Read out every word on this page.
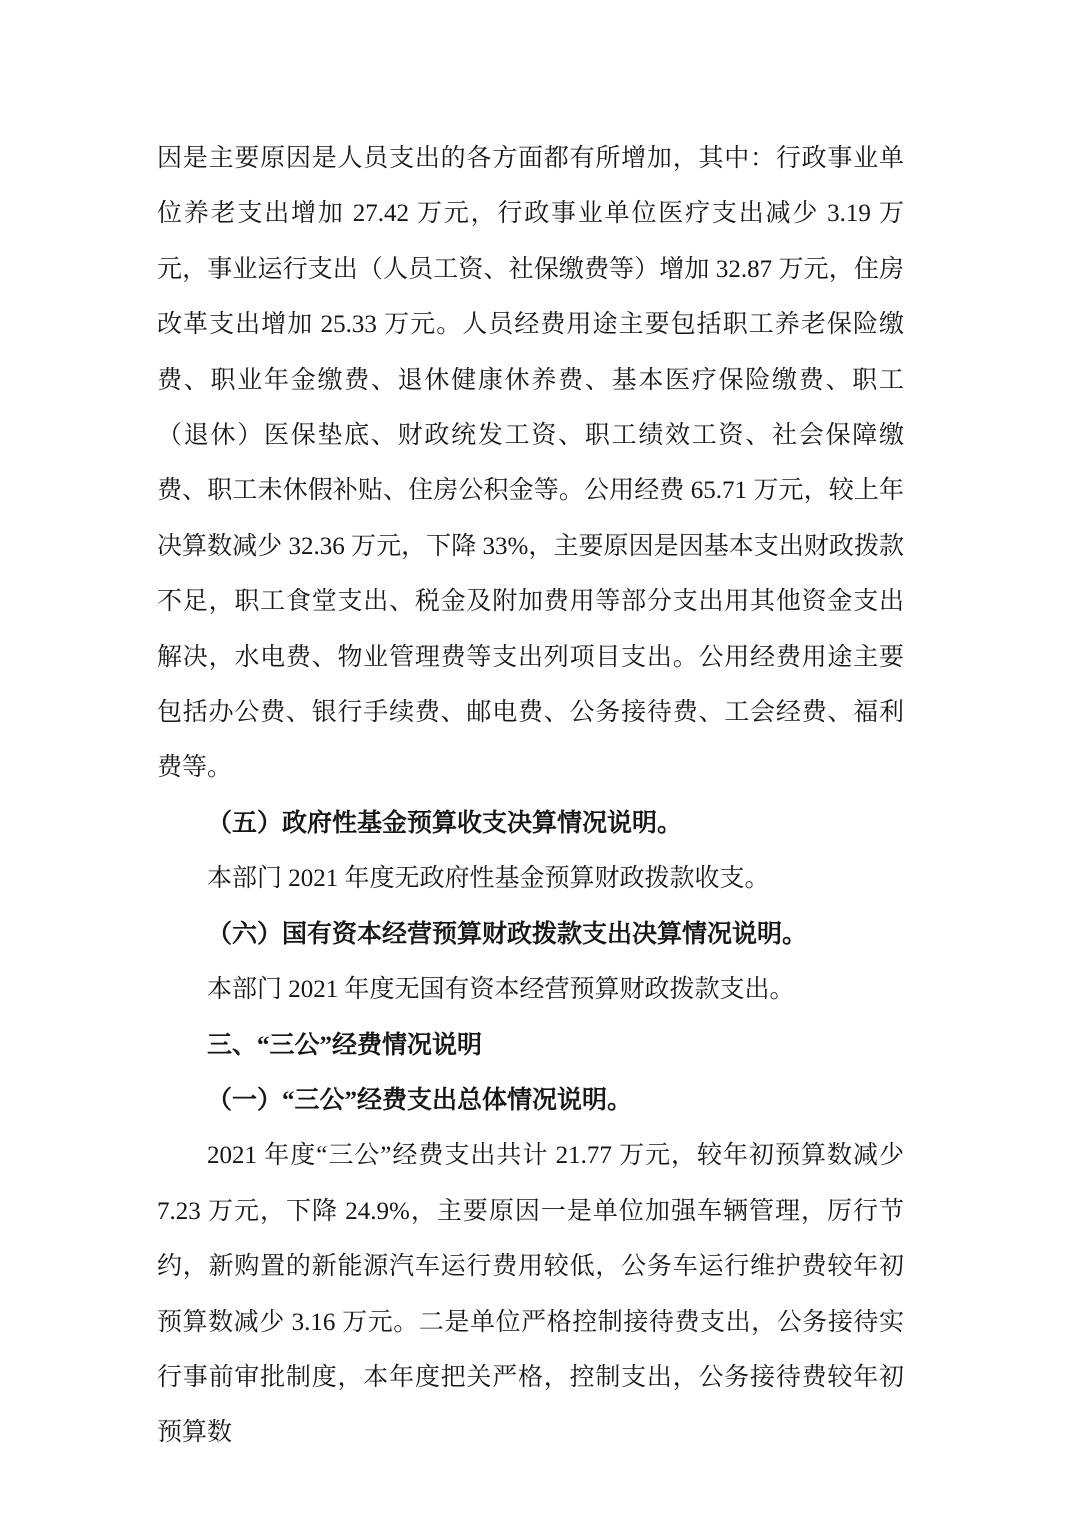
因是主要原因是人员支出的各方面都有所增加，其中：行政事业单位养老支出增加 27.42 万元，行政事业单位医疗支出减少 3.19 万元，事业运行支出（人员工资、社保缴费等）增加 32.87 万元，住房改革支出增加 25.33 万元。人员经费用途主要包括职工养老保险缴费、职业年金缴费、退休健康休养费、基本医疗保险缴费、职工（退休）医保垫底、财政统发工资、职工绩效工资、社会保障缴费、职工未休假补贴、住房公积金等。公用经费 65.71 万元，较上年决算数减少 32.36 万元，下降 33%，主要原因是因基本支出财政拨款不足，职工食堂支出、税金及附加费用等部分支出用其他资金支出解决，水电费、物业管理费等支出列项目支出。公用经费用途主要包括办公费、银行手续费、邮电费、公务接待费、工会经费、福利费等。

（五）政府性基金预算收支决算情况说明。

本部门 2021 年度无政府性基金预算财政拨款收支。

（六）国有资本经营预算财政拨款支出决算情况说明。

本部门 2021 年度无国有资本经营预算财政拨款支出。

三、“三公”经费情况说明

（一）“三公”经费支出总体情况说明。

2021 年度“三公”经费支出共计 21.77 万元，较年初预算数减少 7.23 万元，下降 24.9%，主要原因一是单位加强车辆管理，厉行节约，新购置的新能源汽车运行费用较低，公务车运行维护费较年初预算数减少 3.16 万元。二是单位严格控制接待费支出，公务接待实行事前审批制度，本年度把关严格，控制支出，公务接待费较年初预算数
